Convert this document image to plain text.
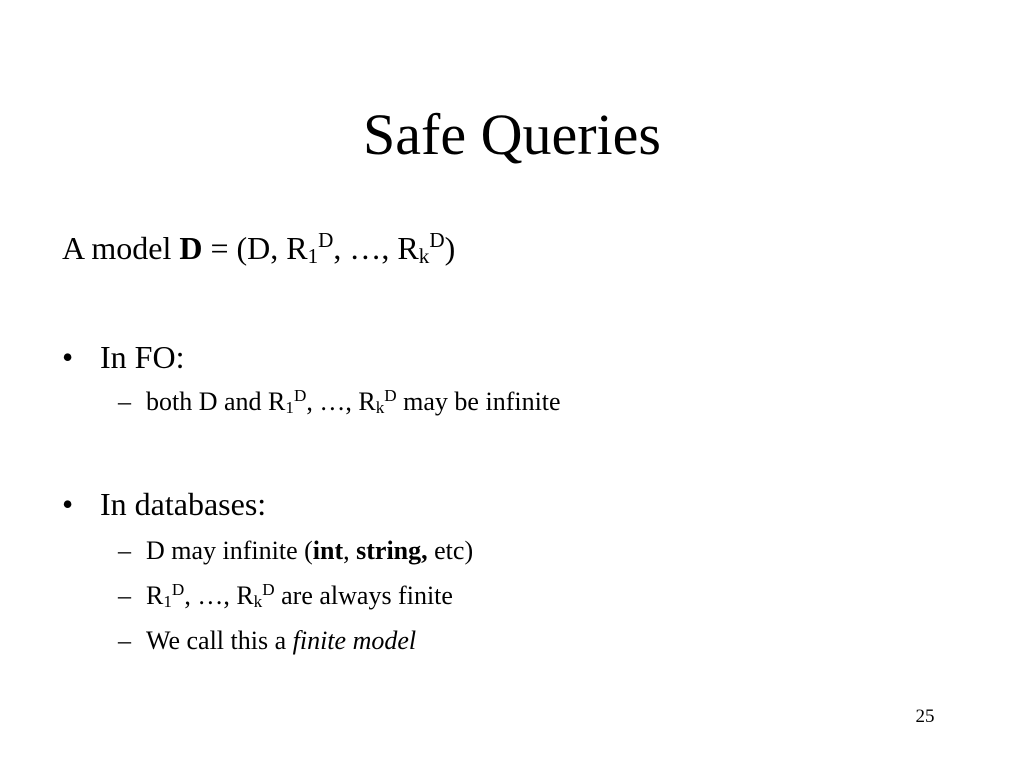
Safe Queries
A model D = (D, $R_1^D$, …, $R_k^D$)
• In FO:
– both D and $R_1^D$, …, $R_k^D$ may be infinite
• In databases:
– D may infinite (int, string, etc)
– $R_1^D$, …, $R_k^D$ are always finite
– We call this a finite model
25
